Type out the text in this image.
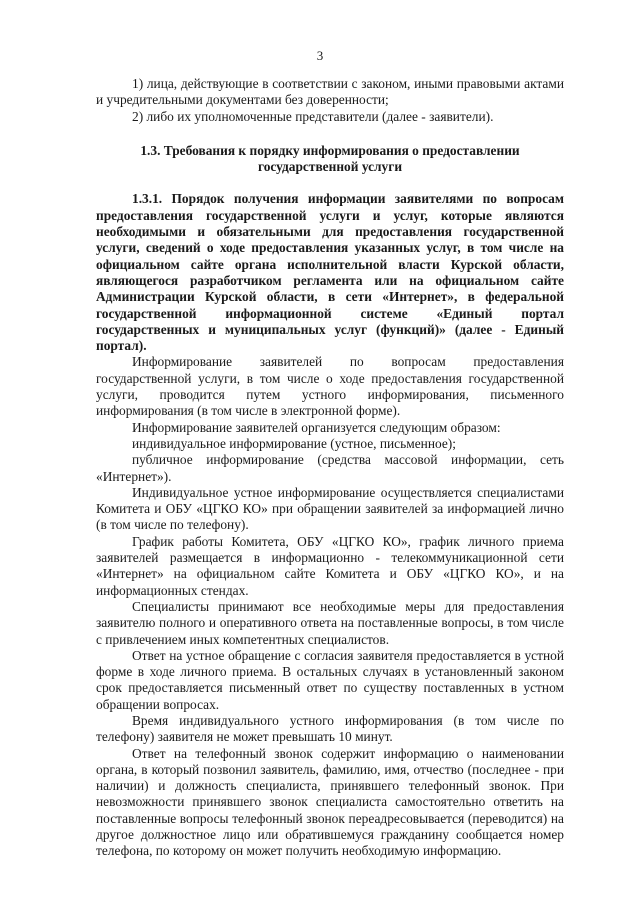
3

1) лица, действующие в соответствии с законом, иными правовыми актами и учредительными документами без доверенности;

2) либо их уполномоченные представители (далее - заявители).

1.3. Требования к порядку информирования о предоставлении государственной услуги

1.3.1. Порядок получения информации заявителями по вопросам предоставления государственной услуги и услуг, которые являются необходимыми и обязательными для предоставления государственной услуги, сведений о ходе предоставления указанных услуг, в том числе на официальном сайте органа исполнительной власти Курской области, являющегося разработчиком регламента или на официальном сайте Администрации Курской области, в сети «Интернет», в федеральной государственной информационной системе «Единый портал государственных и муниципальных услуг (функций)» (далее - Единый портал).

Информирование заявителей по вопросам предоставления государственной услуги, в том числе о ходе предоставления государственной услуги, проводится путем устного информирования, письменного информирования (в том числе в электронной форме).

Информирование заявителей организуется следующим образом:

индивидуальное информирование (устное, письменное);

публичное информирование (средства массовой информации, сеть «Интернет»).

Индивидуальное устное информирование осуществляется специалистами Комитета и ОБУ «ЦГКО КО» при обращении заявителей за информацией лично (в том числе по телефону).

График работы Комитета, ОБУ «ЦГКО КО», график личного приема заявителей размещается в информационно - телекоммуникационной сети «Интернет» на официальном сайте Комитета и ОБУ «ЦГКО КО», и на информационных стендах.

Специалисты принимают все необходимые меры для предоставления заявителю полного и оперативного ответа на поставленные вопросы, в том числе с привлечением иных компетентных специалистов.

Ответ на устное обращение с согласия заявителя предоставляется в устной форме в ходе личного приема. В остальных случаях в установленный законом срок предоставляется письменный ответ по существу поставленных в устном обращении вопросах.

Время индивидуального устного информирования (в том числе по телефону) заявителя не может превышать 10 минут.

Ответ на телефонный звонок содержит информацию о наименовании органа, в который позвонил заявитель, фамилию, имя, отчество (последнее - при наличии) и должность специалиста, принявшего телефонный звонок. При невозможности принявшего звонок специалиста самостоятельно ответить на поставленные вопросы телефонный звонок переадресовывается (переводится) на другое должностное лицо или обратившемуся гражданину сообщается номер телефона, по которому он может получить необходимую информацию.
